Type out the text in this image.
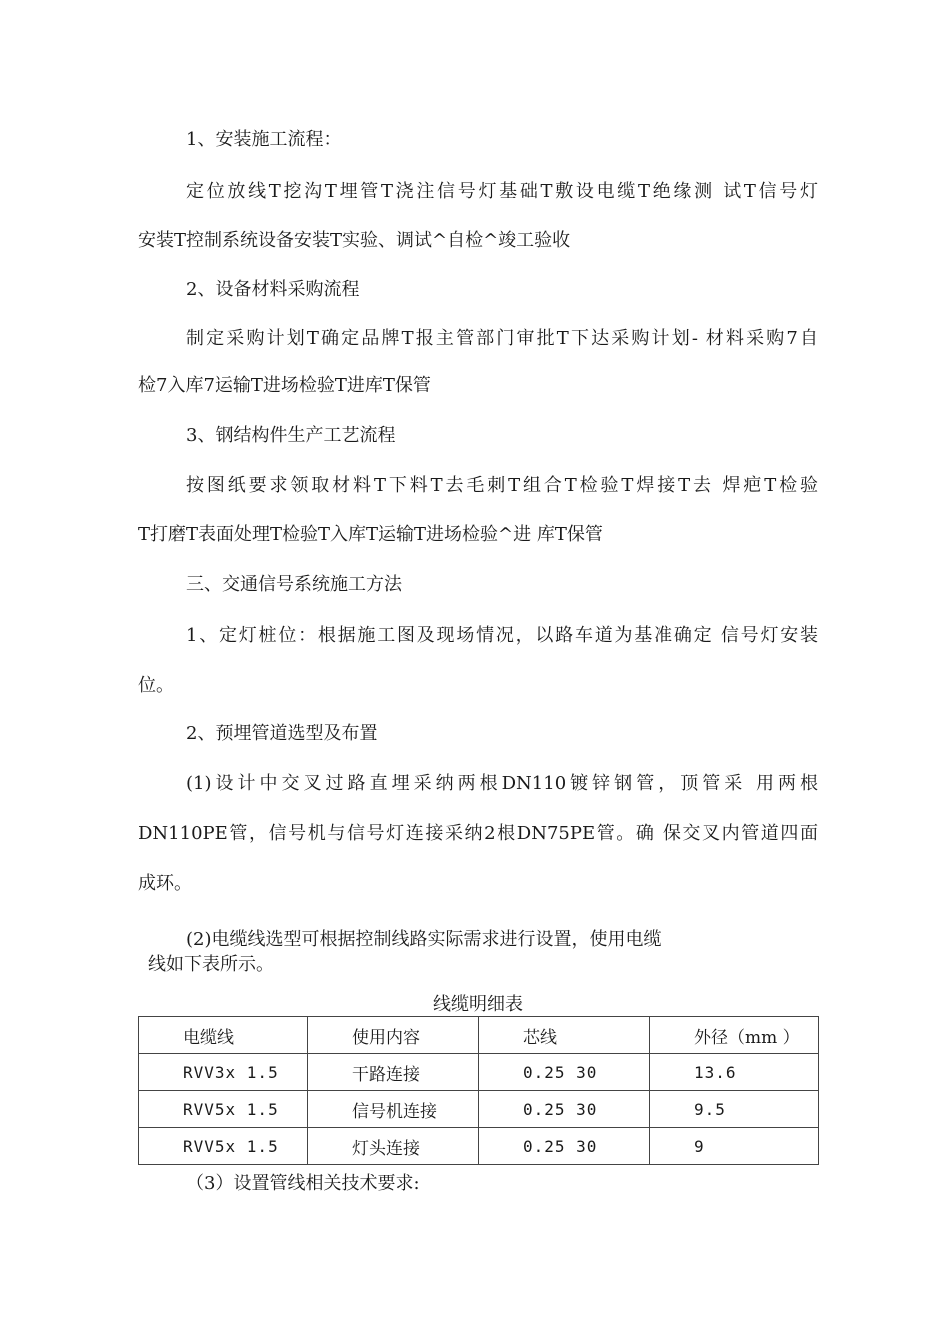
1、安装施工流程：
定位放线T挖沟T埋管T浇注信号灯基础T敷设电缆T绝缘测 试T信号灯
安装T控制系统设备安装T实验、调试^自检^竣工验收
2、设备材料采购流程
制定采购计划T确定品牌T报主管部门审批T下达采购计划- 材料采购7自
检7入库7运输T进场检验T进库T保管
3、钢结构件生产工艺流程
按图纸要求领取材料T下料T去毛刺T组合T检验T焊接T去 焊疤T检验
T打磨T表面处理T检验T入库T运输T进场检验^进 库T保管
三、交通信号系统施工方法
1、定灯桩位：根据施工图及现场情况，以路车道为基准确定 信号灯安装
位。
2、预埋管道选型及布置
(1)设计中交叉过路直埋采纳两根DN110镀锌钢管，顶管采 用两根
DN110PE管，信号机与信号灯连接采纳2根DN75PE管。确 保交叉内管道四面
成环。
(2)电缆线选型可根据控制线路实际需求进行设置，使用电缆
线如下表所示。
线缆明细表
电缆线	使用内容	芯线	外径（mm ）
RVV3x 1.5	干路连接	0.25 30	13.6
RVV5x 1.5	信号机连接	0.25 30	9.5
RVV5x 1.5	灯头连接	0.25 30	9
（3）设置管线相关技术要求:
